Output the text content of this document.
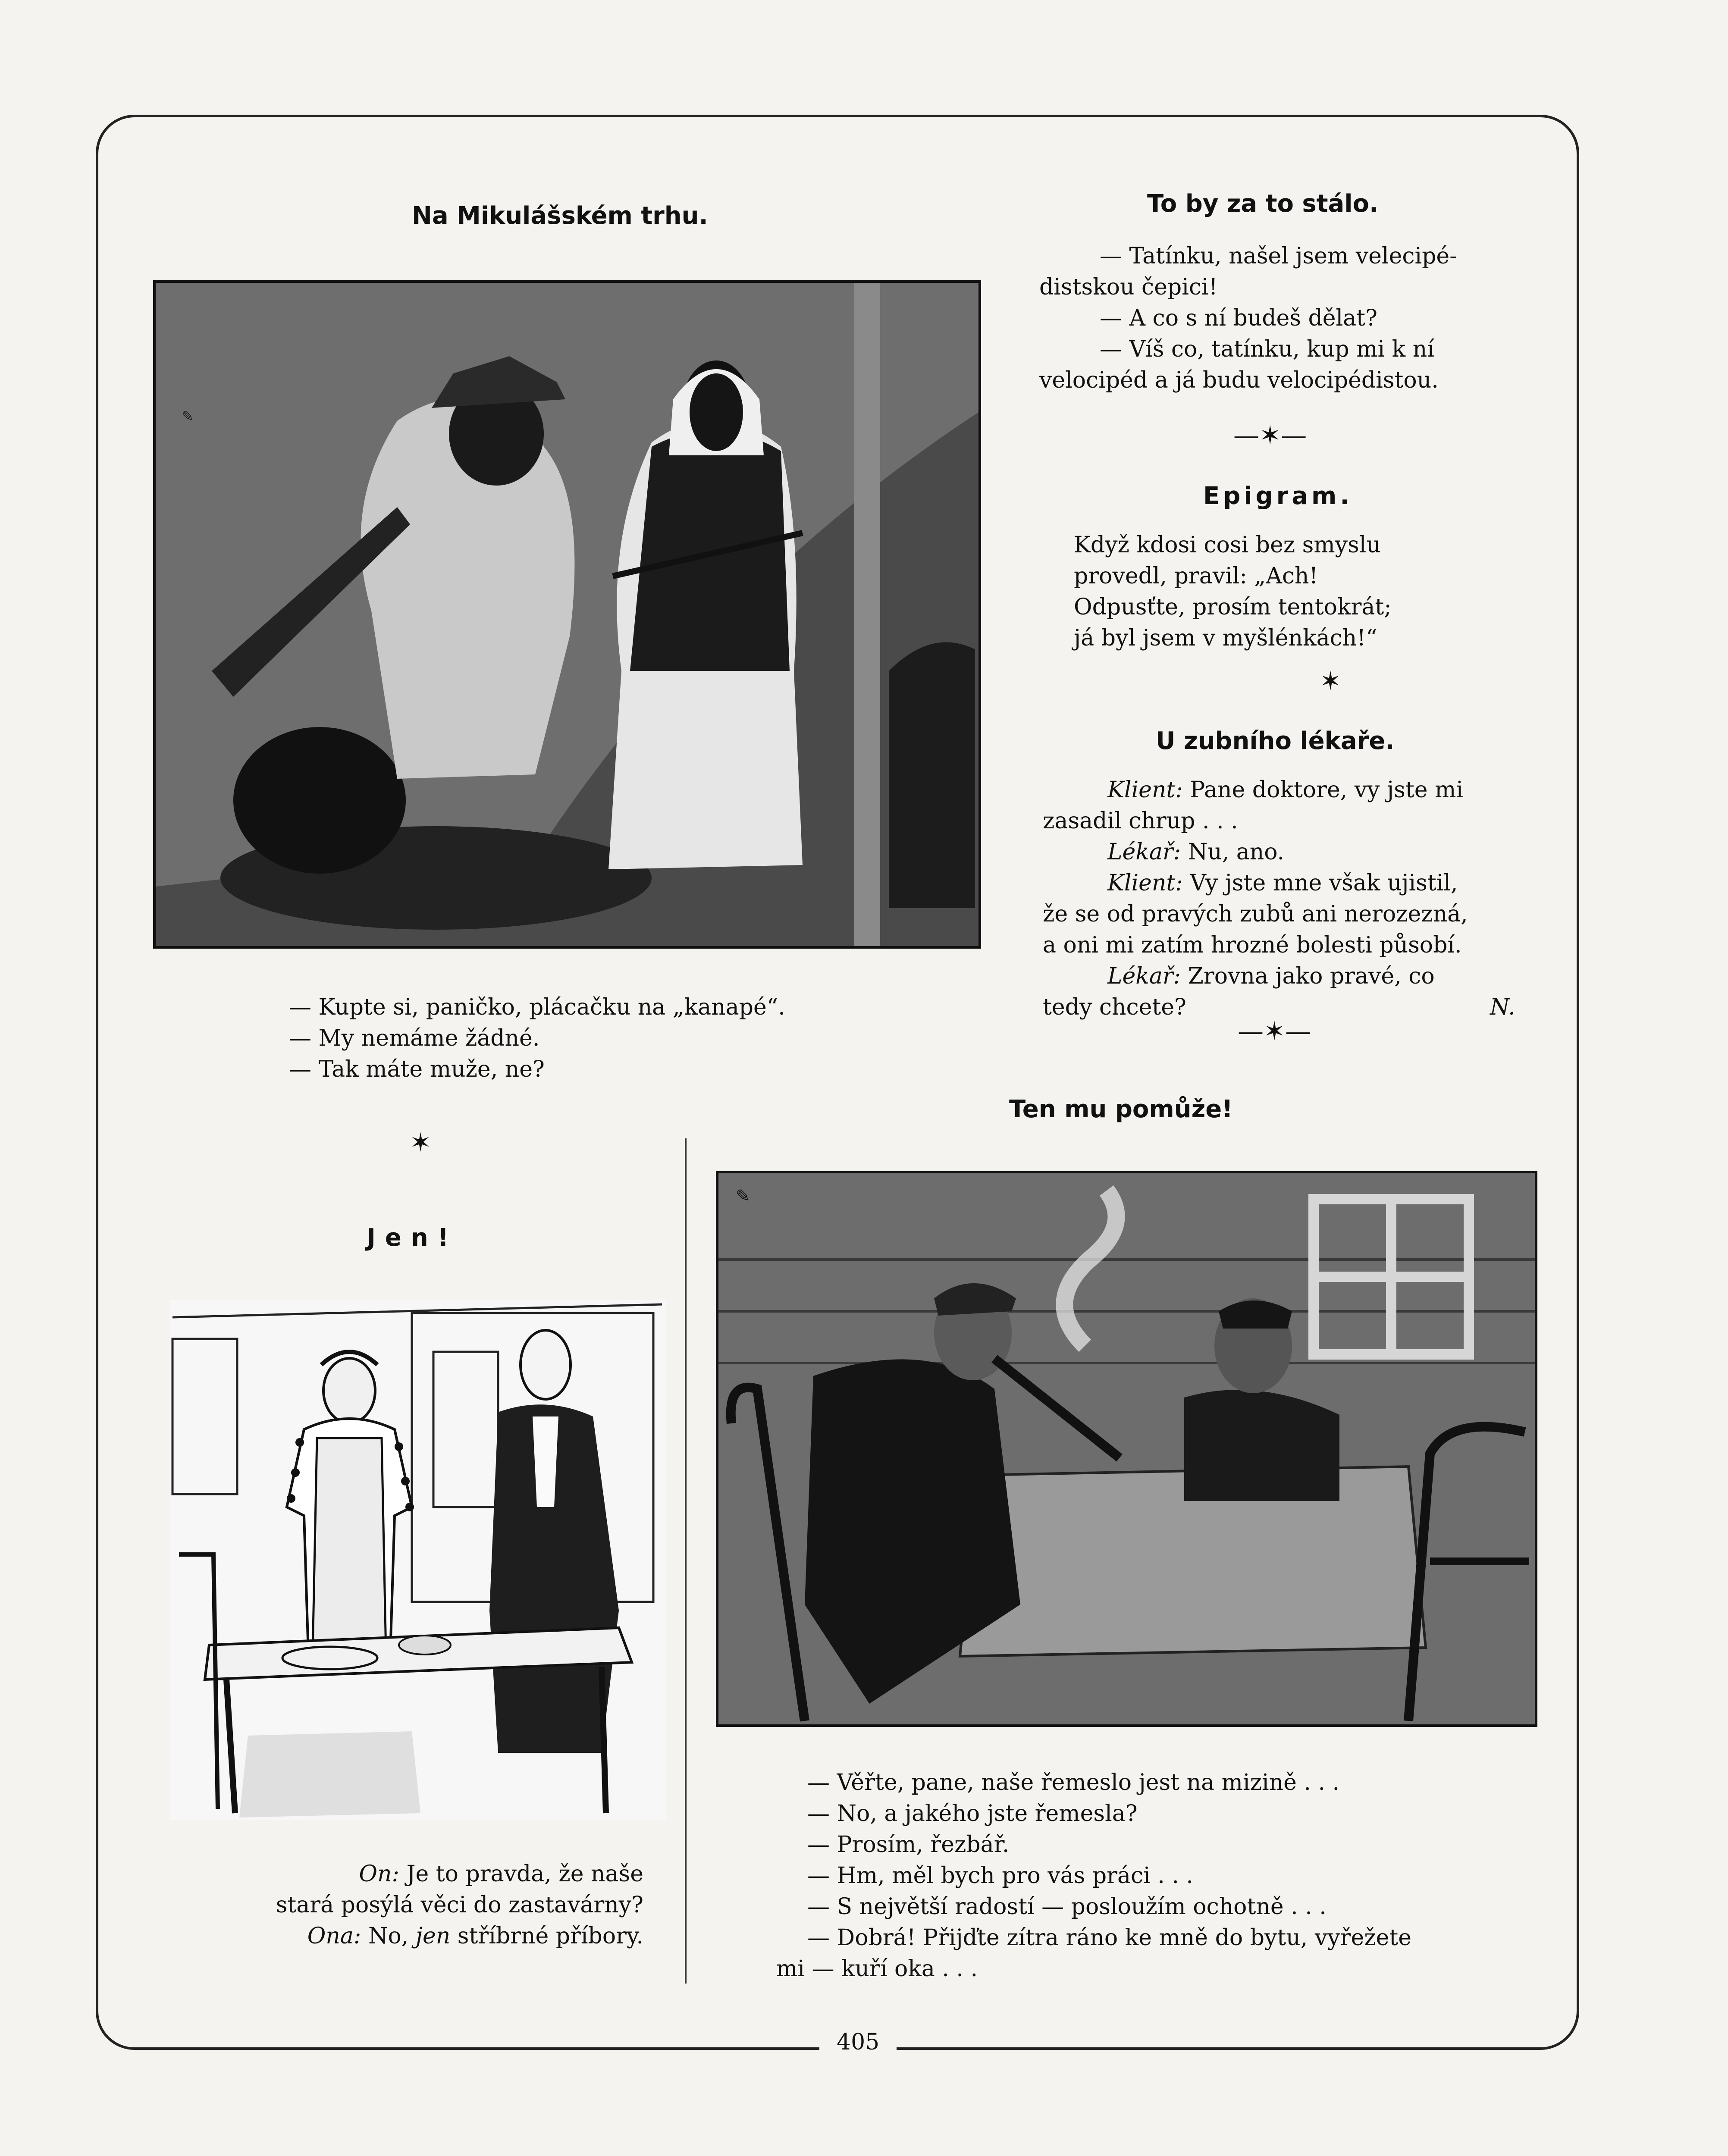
Na Mikulášském trhu.
✎

— Kupte si, paničko, plácačku na „kanapé“.

— My nemáme žádné.

— Tak máte muže, ne?

✶
To by za to stálo.

— Tatínku, našel jsem velecipé-

distskou čepici!

— A co s ní budeš dělat?

— Víš co, tatínku, kup mi k ní

velocipéd a já budu velocipédistou.

—✶—
Epigram.

Když kdosi cosi bez smyslu

provedl, pravil: „Ach!

Odpusťte, prosím tentokrát;

já byl jsem v myšlénkách!“

✶
U zubního lékaře.

Klient: Pane doktore, vy jste mi

zasadil chrup . . .

Lékař: Nu, ano.

Klient: Vy jste mne však ujistil,

že se od pravých zubů ani nerozezná,

a oni mi zatím hrozné bolesti působí.

Lékař: Zrovna jako pravé, co

tedy chcete?	N.
—✶—
Jen!

On: Je to pravda, že naše

stará posýlá věci do zastavárny?

Ona: No, jen stříbrné příbory.

Ten mu pomůže!
✎

— Věřte, pane, naše řemeslo jest na mizině . . .

— No, a jakého jste řemesla?

— Prosím, řezbář.

— Hm, měl bych pro vás práci . . .

— S největší radostí — posloužím ochotně . . .

— Dobrá! Přijďte zítra ráno ke mně do bytu, vyřežete

mi — kuří oka . . .

405
